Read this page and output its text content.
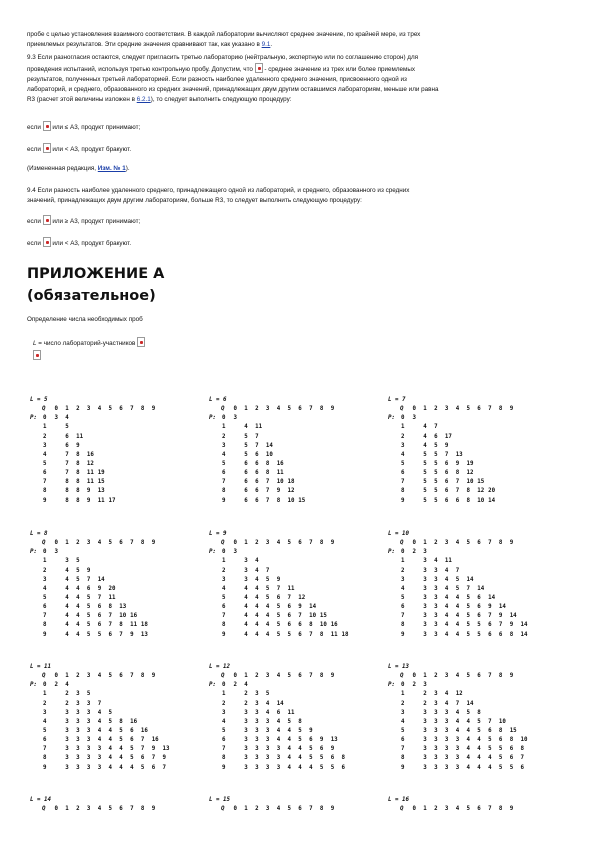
пробе с целью установления взаимного соответствия. В каждой лаборатории вычисляют среднее значение, по крайней мере, из трех
приемлемых результатов. Эти средние значения сравнивают так, как указано в 9.1.
9.3 Если разногласия остаются, следует пригласить третью лабораторию (нейтральную, экспертную или по соглашению сторон) для
проведения испытаний, используя третью контрольную пробу. Допустим, что  - среднее значение из трех или более приемлемых
результатов, полученных третьей лабораторией. Если разность наиболее удаленного среднего значения, присвоенного одной из
лабораторий, и среднего, образованного из средних значений, принадлежащих двум другим оставшимся лабораториям, меньше или равна
R3 (расчет этой величины изложен в 6.2.1), то следует выполнить следующую процедуру:
если  или ≤ A3, продукт принимают;
если  или < A3, продукт бракуют.
(Измененная редакция, Изм. № 1).
9.4 Если разность наиболее удаленного среднего, принадлежащего одной из лабораторий, и среднего, образованного из средних
значений, принадлежащих двум другим лабораториям, больше R3, то следует выполнить следующую процедуру:
если  или ≥ A3, продукт принимают;
если  или < A3, продукт бракуют.
ПРИЛОЖЕНИЕ А
(обязательное)
Определение числа необходимых проб
L = число лабораторий-участников
L = 5
Q 0 1 2 3 4 5 6 7 8 9
P: 0 3 4
1	5
2	6 11
3	6 9
4	7 8 16
5	7 8 12
6	7 8 11 19
7	8 8 11 15
8	8 8 9 13
9	8 8 9 11 17
L = 6
Q 0 1 2 3 4 5 6 7 8 9
P: 0 3
1	4 11
2	5 7
3	5 7 14
4	5 6 10
5	6 6 8 16
6	6 6 8 11
7	6 6 7 10 18
8	6 6 7 9 12
9	6 6 7 8 10 15
L = 7
Q 0 1 2 3 4 5 6 7 8 9
P: 0 3
1	4 7
2	4 6 17
3	4 5 9
4	5 5 7 13
5	5 5 6 9 19
6	5 5 6 8 12
7	5 5 6 7 10 15
8	5 5 6 7 8 12 20
9	5 5 6 6 8 10 14
L = 8
Q 0 1 2 3 4 5 6 7 8 9
P: 0 3
1	3 5
2	4 5 9
3	4 5 7 14
4	4 4 6 9 20
5	4 4 5 7 11
6	4 4 5 6 8 13
7	4 4 5 6 7 10 16
8	4 4 5 6 7 8 11 18
9	4 4 5 5 6 7 9 13
L = 9
Q 0 1 2 3 4 5 6 7 8 9
P: 0 3
1	3 4
2	3 4 7
3	3 4 5 9
4	4 4 5 7 11
5	4 4 5 6 7 12
6	4 4 4 5 6 9 14
7	4 4 4 5 6 7 10 15
8	4 4 4 5 6 6 8 10 16
9	4 4 4 5 5 6 7 8 11 18
L = 10
Q 0 1 2 3 4 5 6 7 8 9
P: 0 2 3
1	3 4 11
2	3 3 4 7
3	3 3 4 5 14
4	3 3 4 5 7 14
5	3 3 4 4 5 6 14
6	3 3 4 4 5 6 9 14
7	3 3 4 4 5 6 7 9 14
8	3 3 4 4 5 5 6 7 9 14
9	3 3 4 4 5 5 6 6 8 14
L = 11
Q 0 1 2 3 4 5 6 7 8 9
P: 0 2 4
1	2 3 5
2	2 3 3 7
3	3 3 3 4 5
4	3 3 3 4 5 8 16
5	3 3 3 4 4 5 6 16
6	3 3 3 4 4 5 6 7 16
7	3 3 3 3 4 4 5 7 9 13
8	3 3 3 3 4 4 5 6 7 9
9	3 3 3 3 4 4 4 5 6 7
L = 12
Q 0 1 2 3 4 5 6 7 8 9
P: 0 2 4
1	2 3 5
2	2 3 4 14
3	3 3 4 6 11
4	3 3 3 4 5 8
5	3 3 3 4 4 5 9
6	3 3 3 4 4 5 6 9 13
7	3 3 3 3 4 4 5 6 9
8	3 3 3 3 4 4 5 5 6 8
9	3 3 3 3 4 4 4 5 5 6
L = 13
Q 0 1 2 3 4 5 6 7 8 9
P: 0 2 3
1	2 3 4 12
2	2 3 4 7 14
3	3 3 3 4 5 8
4	3 3 3 4 4 5 7 10
5	3 3 3 4 4 5 6 8 15
6	3 3 3 3 4 4 5 6 8 10
7	3 3 3 3 4 4 5 5 6 8
8	3 3 3 3 4 4 4 5 6 7
9	3 3 3 3 4 4 4 5 5 6
L = 14
Q 0 1 2 3 4 5 6 7 8 9
L = 15
Q 0 1 2 3 4 5 6 7 8 9
L = 16
Q 0 1 2 3 4 5 6 7 8 9
